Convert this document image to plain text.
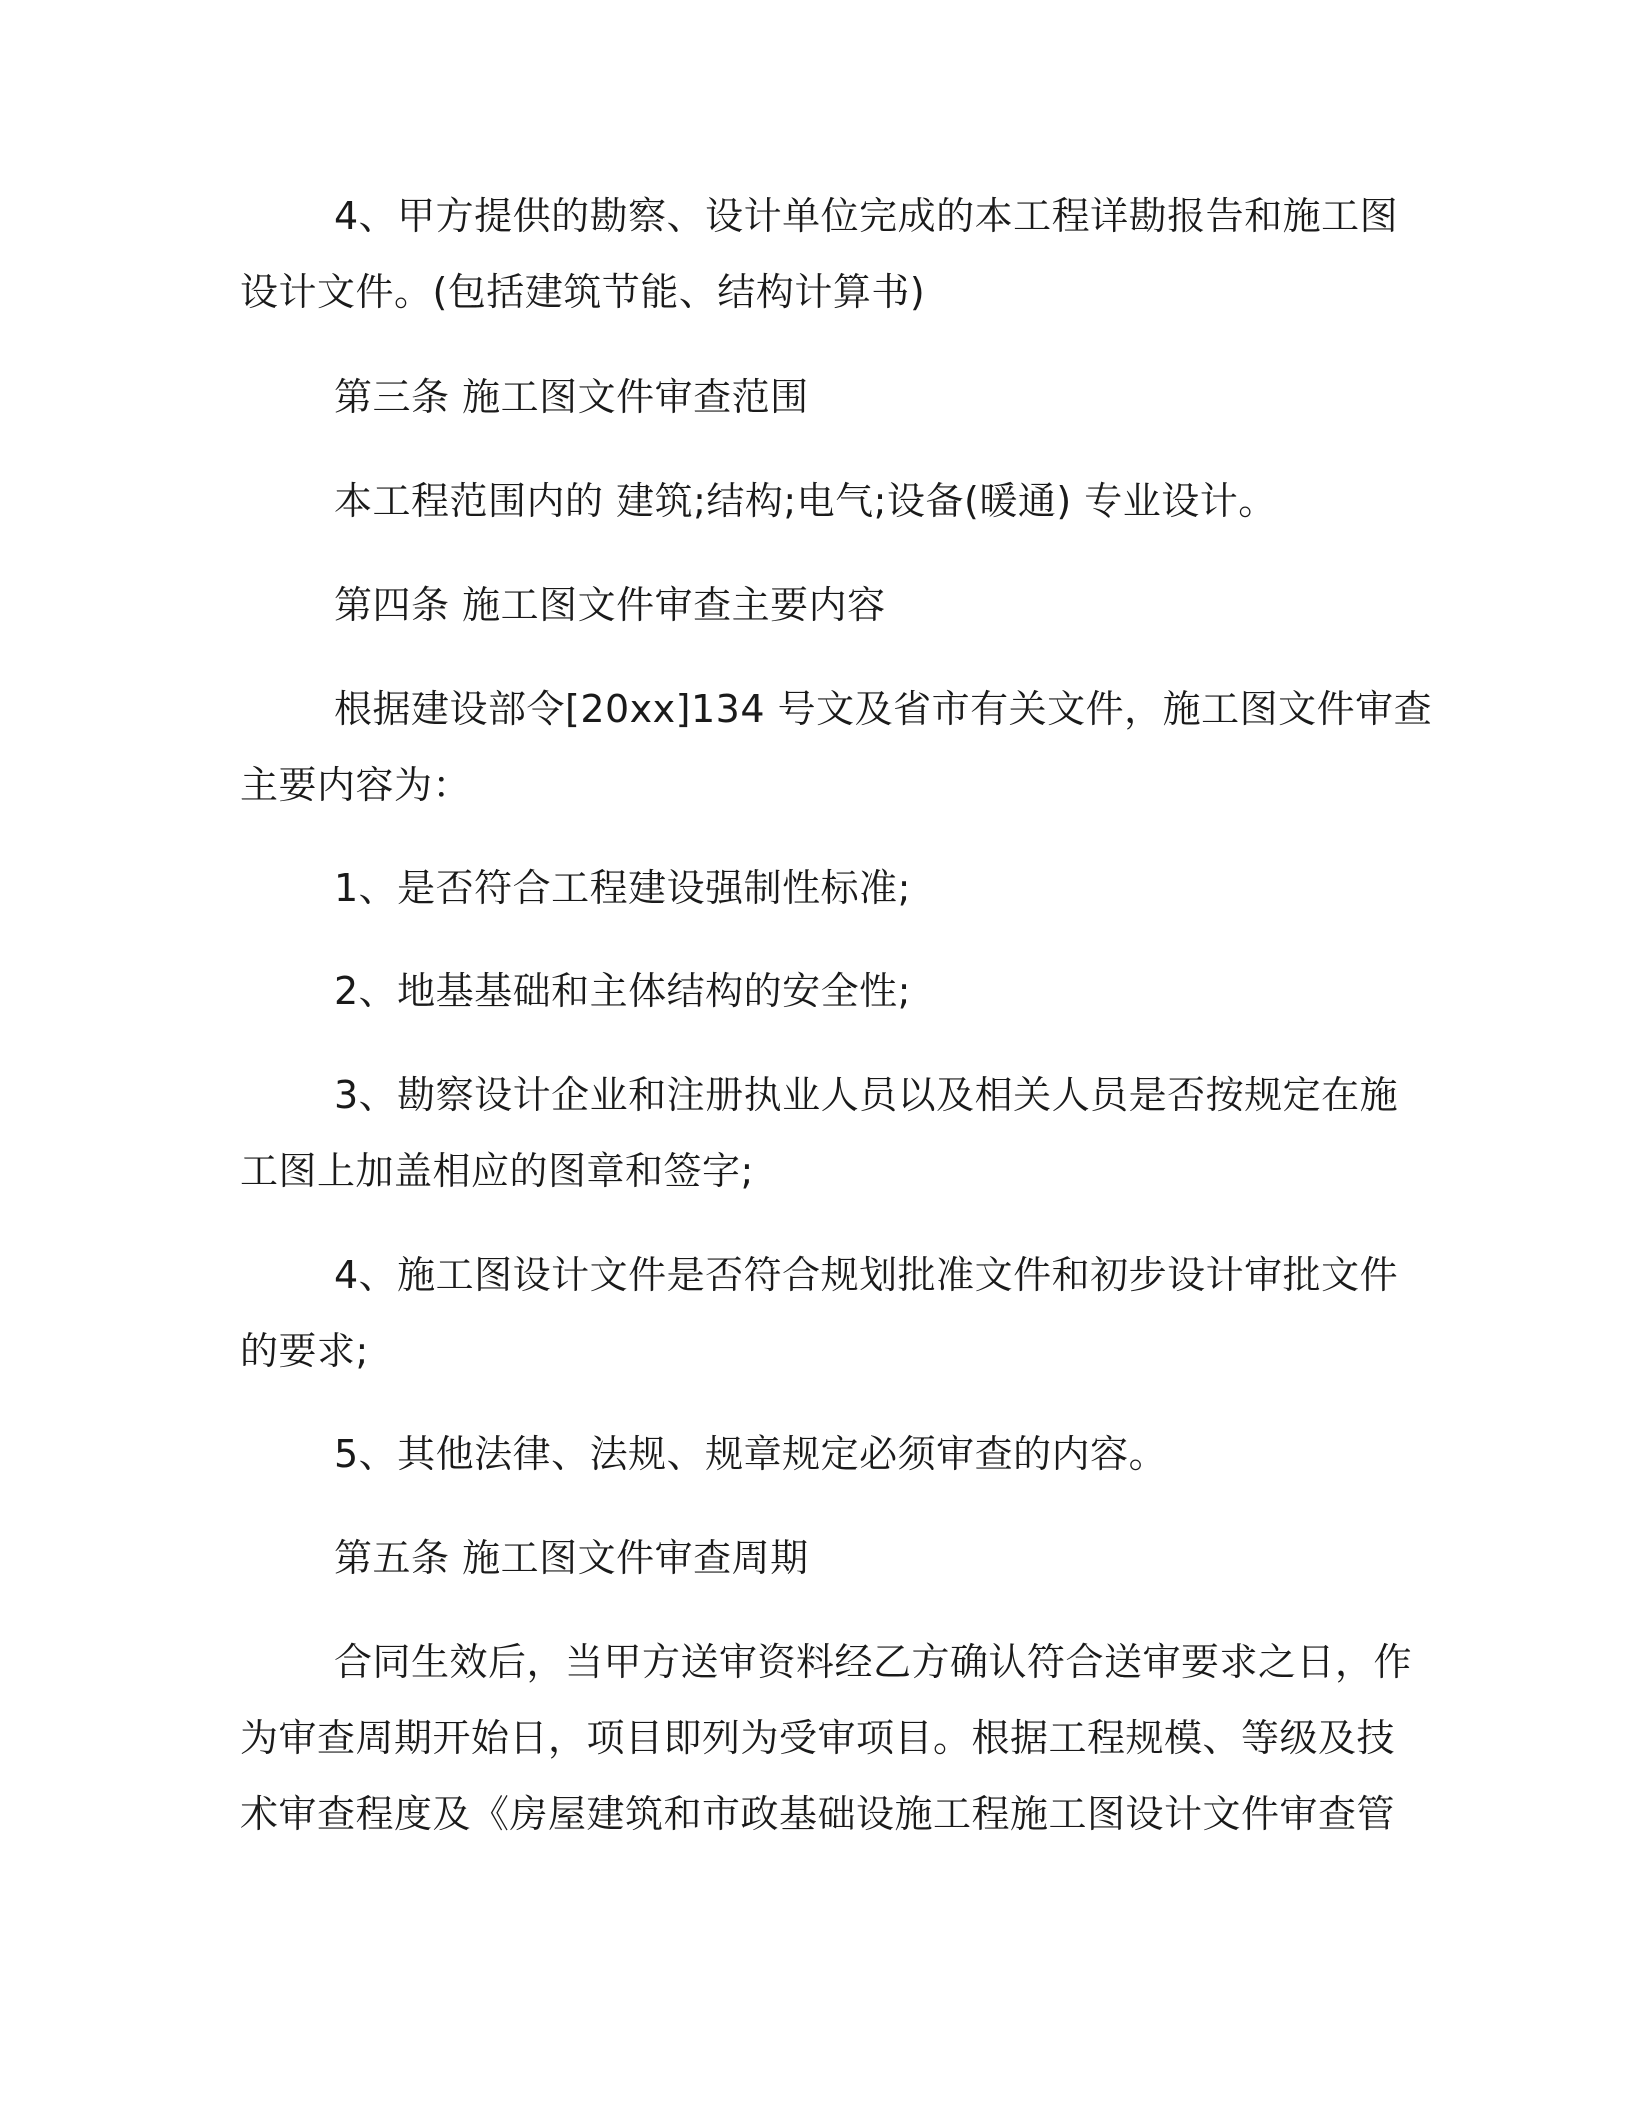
4、甲方提供的勘察、设计单位完成的本工程详勘报告和施工图

设计文件。(包括建筑节能、结构计算书)

第三条 施工图文件审查范围

本工程范围内的 建筑;结构;电气;设备(暖通) 专业设计。

第四条 施工图文件审查主要内容

根据建设部令[20xx]134 号文及省市有关文件，施工图文件审查

主要内容为：

1、是否符合工程建设强制性标准;

2、地基基础和主体结构的安全性;

3、勘察设计企业和注册执业人员以及相关人员是否按规定在施

工图上加盖相应的图章和签字;

4、施工图设计文件是否符合规划批准文件和初步设计审批文件

的要求;

5、其他法律、法规、规章规定必须审查的内容。

第五条 施工图文件审查周期

合同生效后，当甲方送审资料经乙方确认符合送审要求之日，作

为审查周期开始日，项目即列为受审项目。根据工程规模、等级及技

术审查程度及《房屋建筑和市政基础设施工程施工图设计文件审查管
